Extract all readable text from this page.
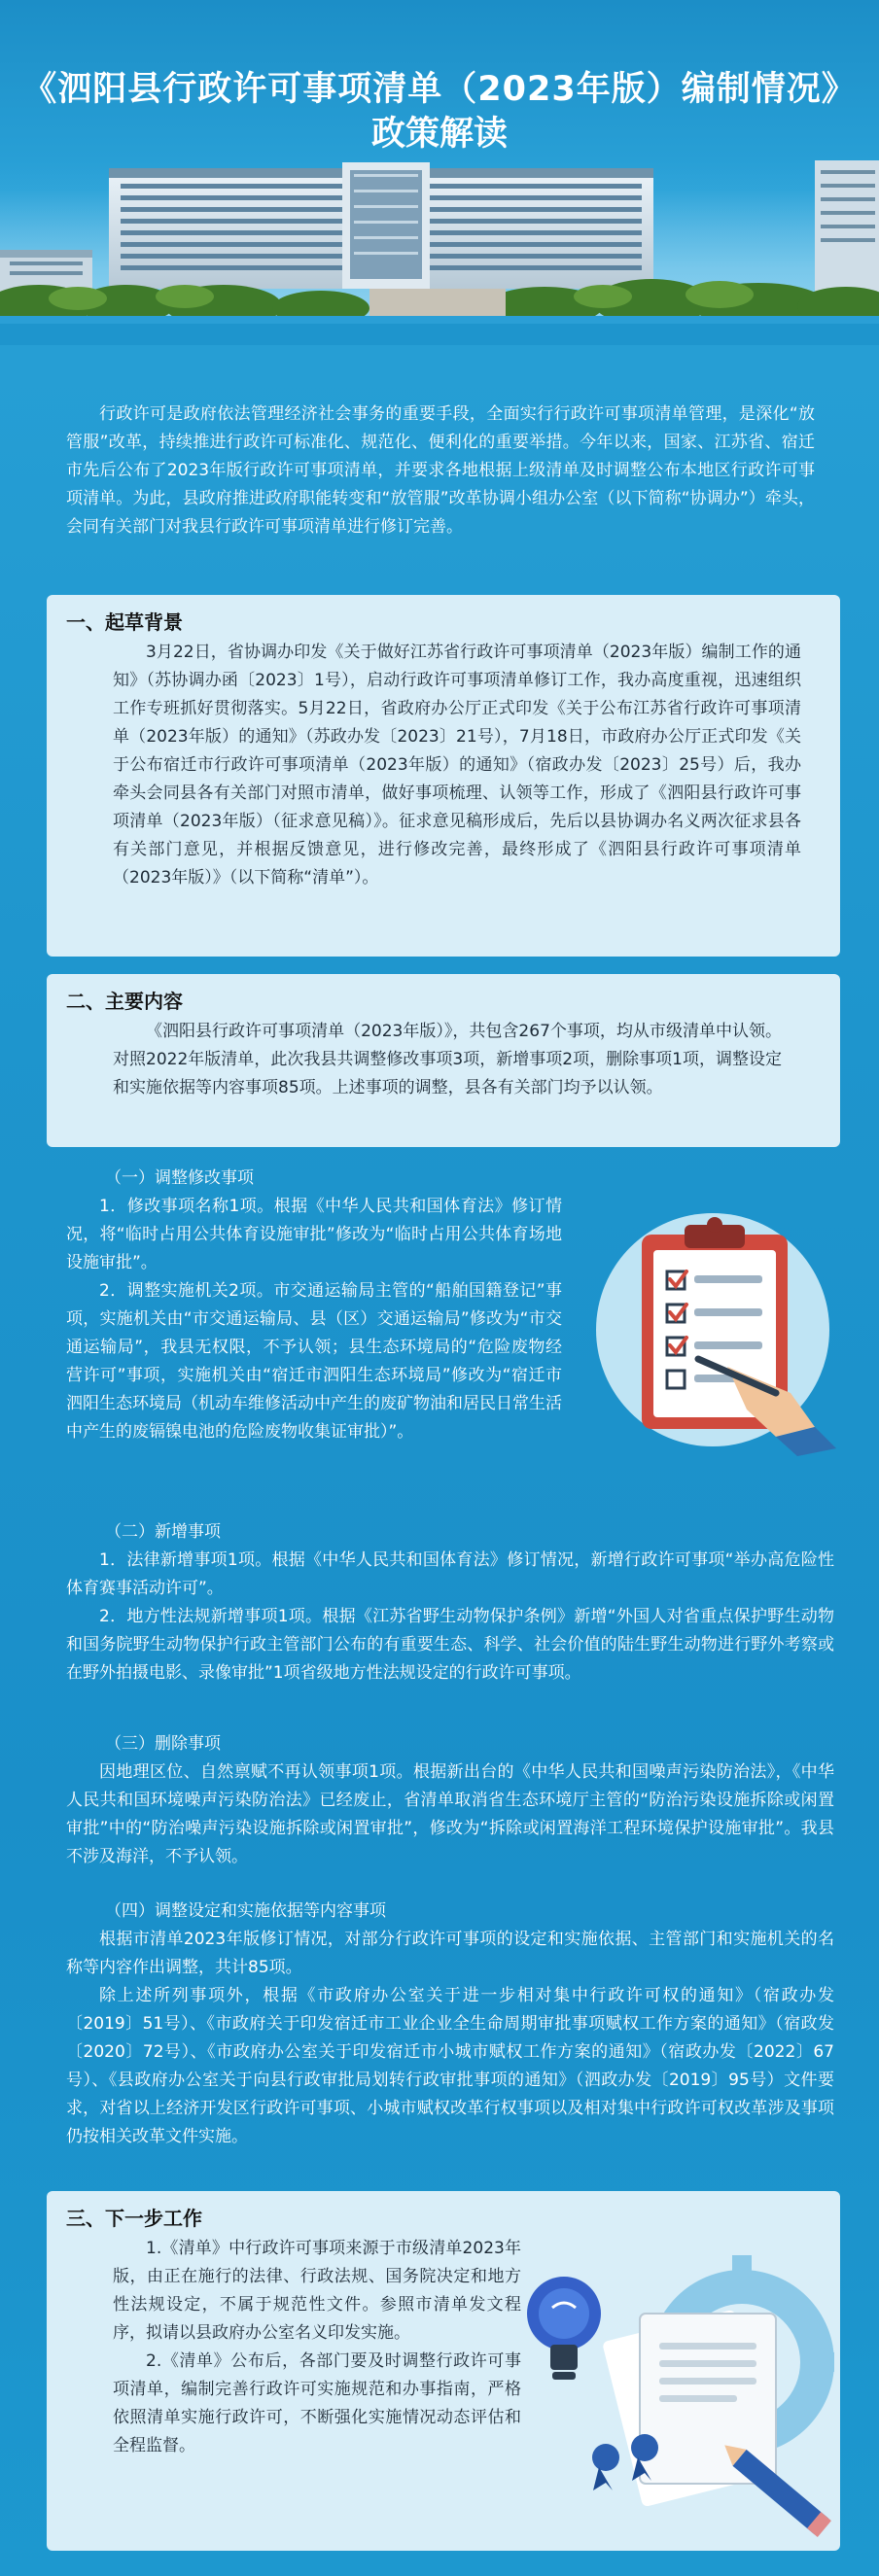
《泗阳县行政许可事项清单（2023年版）编制情况》
政策解读

行政许可是政府依法管理经济社会事务的重要手段，全面实行行政许可事项清单管理，是深化“放管服”改革，持续推进行政许可标准化、规范化、便利化的重要举措。今年以来，国家、江苏省、宿迁市先后公布了2023年版行政许可事项清单，并要求各地根据上级清单及时调整公布本地区行政许可事项清单。为此，县政府推进政府职能转变和“放管服”改革协调小组办公室（以下简称“协调办”）牵头，会同有关部门对我县行政许可事项清单进行修订完善。

一、起草背景

3月22日，省协调办印发《关于做好江苏省行政许可事项清单（2023年版）编制工作的通知》（苏协调办函〔2023〕1号），启动行政许可事项清单修订工作，我办高度重视，迅速组织工作专班抓好贯彻落实。5月22日，省政府办公厅正式印发《关于公布江苏省行政许可事项清单（2023年版）的通知》（苏政办发〔2023〕21号），7月18日，市政府办公厅正式印发《关于公布宿迁市行政许可事项清单（2023年版）的通知》（宿政办发〔2023〕25号）后，我办牵头会同县各有关部门对照市清单，做好事项梳理、认领等工作，形成了《泗阳县行政许可事项清单（2023年版）（征求意见稿）》。征求意见稿形成后，先后以县协调办名义两次征求县各有关部门意见，并根据反馈意见，进行修改完善，最终形成了《泗阳县行政许可事项清单（2023年版）》（以下简称“清单”）。

二、主要内容

《泗阳县行政许可事项清单（2023年版）》，共包含267个事项，均从市级清单中认领。对照2022年版清单，此次我县共调整修改事项3项，新增事项2项，删除事项1项，调整设定和实施依据等内容事项85项。上述事项的调整，县各有关部门均予以认领。

（一）调整修改事项

1．修改事项名称1项。根据《中华人民共和国体育法》修订情况，将“临时占用公共体育设施审批”修改为“临时占用公共体育场地设施审批”。

2．调整实施机关2项。市交通运输局主管的“船舶国籍登记”事项，实施机关由“市交通运输局、县（区）交通运输局”修改为“市交通运输局”，我县无权限，不予认领；县生态环境局的“危险废物经营许可”事项，实施机关由“宿迁市泗阳生态环境局”修改为“宿迁市泗阳生态环境局（机动车维修活动中产生的废矿物油和居民日常生活中产生的废镉镍电池的危险废物收集证审批）”。

（二）新增事项

1．法律新增事项1项。根据《中华人民共和国体育法》修订情况，新增行政许可事项“举办高危险性体育赛事活动许可”。

2．地方性法规新增事项1项。根据《江苏省野生动物保护条例》新增“外国人对省重点保护野生动物和国务院野生动物保护行政主管部门公布的有重要生态、科学、社会价值的陆生野生动物进行野外考察或在野外拍摄电影、录像审批”1项省级地方性法规设定的行政许可事项。

（三）删除事项

因地理区位、自然禀赋不再认领事项1项。根据新出台的《中华人民共和国噪声污染防治法》，《中华人民共和国环境噪声污染防治法》已经废止，省清单取消省生态环境厅主管的“防治污染设施拆除或闲置审批”中的“防治噪声污染设施拆除或闲置审批”，修改为“拆除或闲置海洋工程环境保护设施审批”。我县不涉及海洋，不予认领。

（四）调整设定和实施依据等内容事项

根据市清单2023年版修订情况，对部分行政许可事项的设定和实施依据、主管部门和实施机关的名称等内容作出调整，共计85项。

除上述所列事项外，根据《市政府办公室关于进一步相对集中行政许可权的通知》（宿政办发〔2019〕51号）、《市政府关于印发宿迁市工业企业全生命周期审批事项赋权工作方案的通知》（宿政发〔2020〕72号）、《市政府办公室关于印发宿迁市小城市赋权工作方案的通知》（宿政办发〔2022〕67号）、《县政府办公室关于向县行政审批局划转行政审批事项的通知》（泗政办发〔2019〕95号）文件要求，对省以上经济开发区行政许可事项、小城市赋权改革行权事项以及相对集中行政许可权改革涉及事项仍按相关改革文件实施。

三、下一步工作

1.《清单》中行政许可事项来源于市级清单2023年版，由正在施行的法律、行政法规、国务院决定和地方性法规设定，不属于规范性文件。参照市清单发文程序，拟请以县政府办公室名义印发实施。

2.《清单》公布后，各部门要及时调整行政许可事项清单，编制完善行政许可实施规范和办事指南，严格依照清单实施行政许可，不断强化实施情况动态评估和全程监督。
